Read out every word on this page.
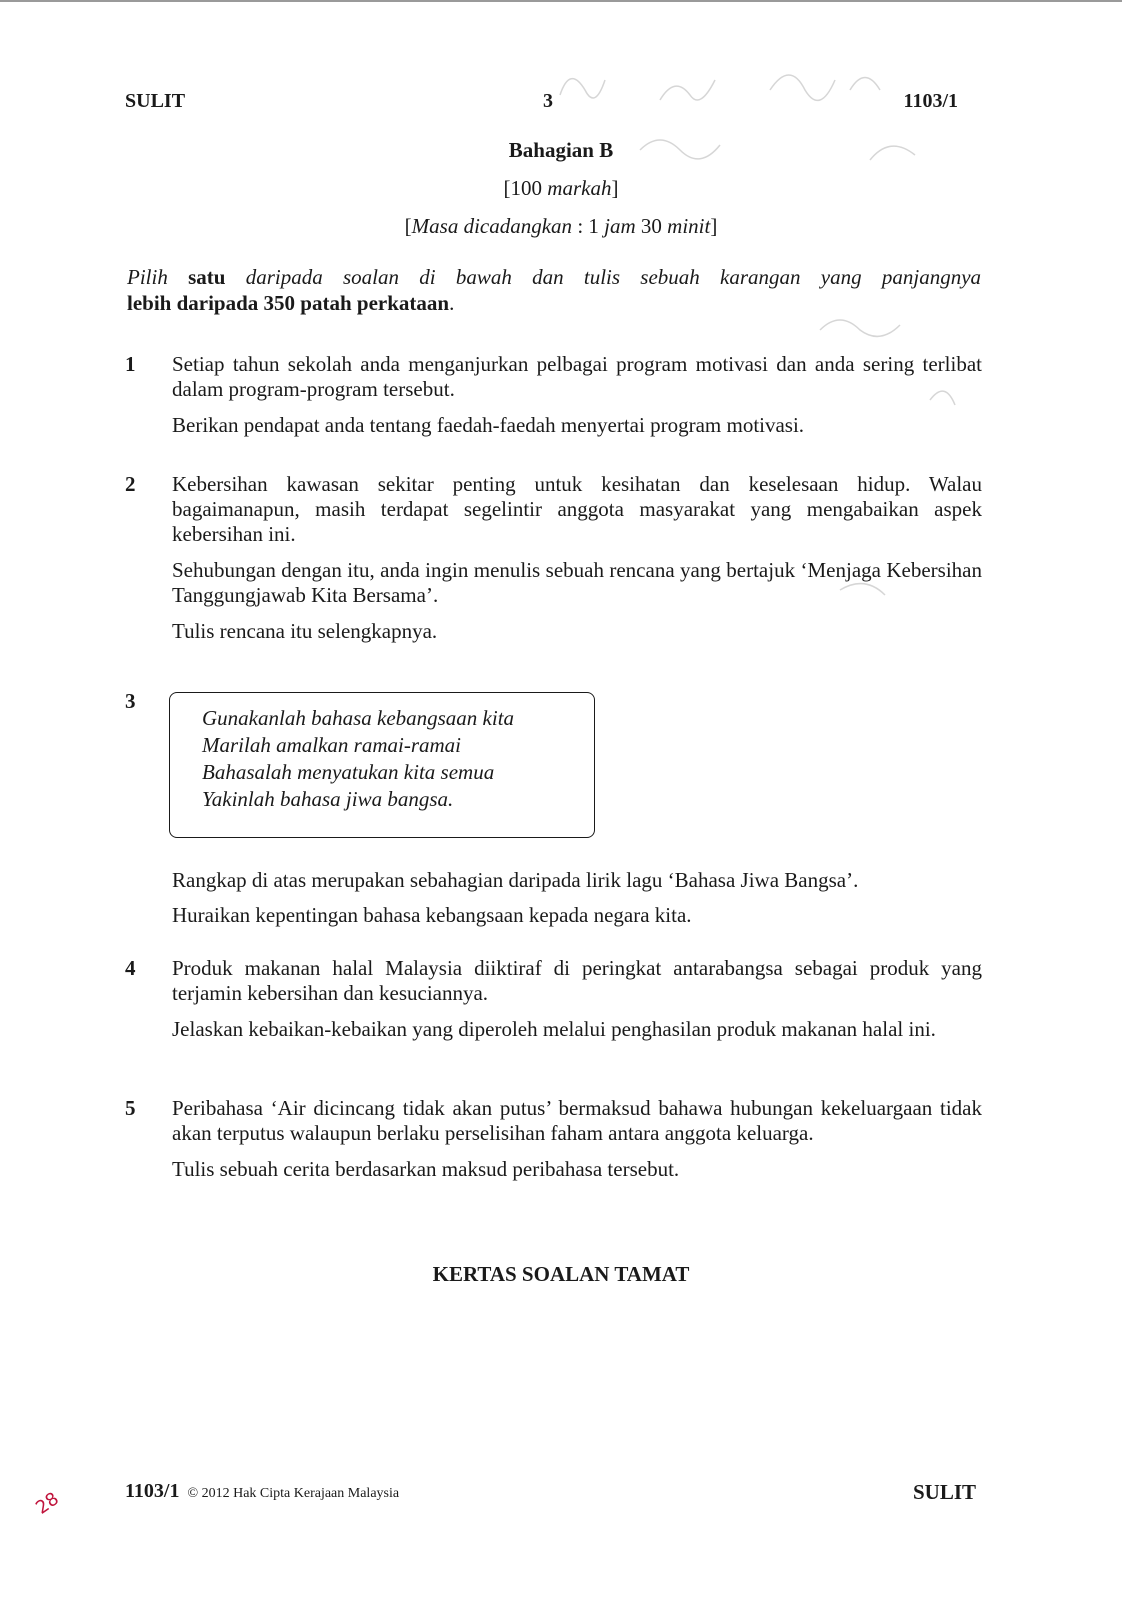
SULIT	3	1103/1
Bahagian B
[100 markah]
[Masa dicadangkan : 1 jam 30 minit]
Pilih satu daripada soalan di bawah dan tulis sebuah karangan yang panjangnya
lebih daripada 350 patah perkataan.
1 Setiap tahun sekolah anda menganjurkan pelbagai program motivasi dan anda sering terlibat dalam program-program tersebut.
Berikan pendapat anda tentang faedah-faedah menyertai program motivasi.
2 Kebersihan kawasan sekitar penting untuk kesihatan dan keselesaan hidup. Walau bagaimanapun, masih terdapat segelintir anggota masyarakat yang mengabaikan aspek kebersihan ini.
Sehubungan dengan itu, anda ingin menulis sebuah rencana yang bertajuk ‘Menjaga Kebersihan Tanggungjawab Kita Bersama’.
Tulis rencana itu selengkapnya.
3
Gunakanlah bahasa kebangsaan kita
Marilah amalkan ramai-ramai
Bahasalah menyatukan kita semua
Yakinlah bahasa jiwa bangsa.
Rangkap di atas merupakan sebahagian daripada lirik lagu ‘Bahasa Jiwa Bangsa’.
Huraikan kepentingan bahasa kebangsaan kepada negara kita.
4 Produk makanan halal Malaysia diiktiraf di peringkat antarabangsa sebagai produk yang terjamin kebersihan dan kesuciannya.
Jelaskan kebaikan-kebaikan yang diperoleh melalui penghasilan produk makanan halal ini.
5 Peribahasa ‘Air dicincang tidak akan putus’ bermaksud bahawa hubungan kekeluargaan tidak akan terputus walaupun berlaku perselisihan faham antara anggota keluarga.
Tulis sebuah cerita berdasarkan maksud peribahasa tersebut.
KERTAS SOALAN TAMAT
1103/1 © 2012 Hak Cipta Kerajaan Malaysia	SULIT
28
